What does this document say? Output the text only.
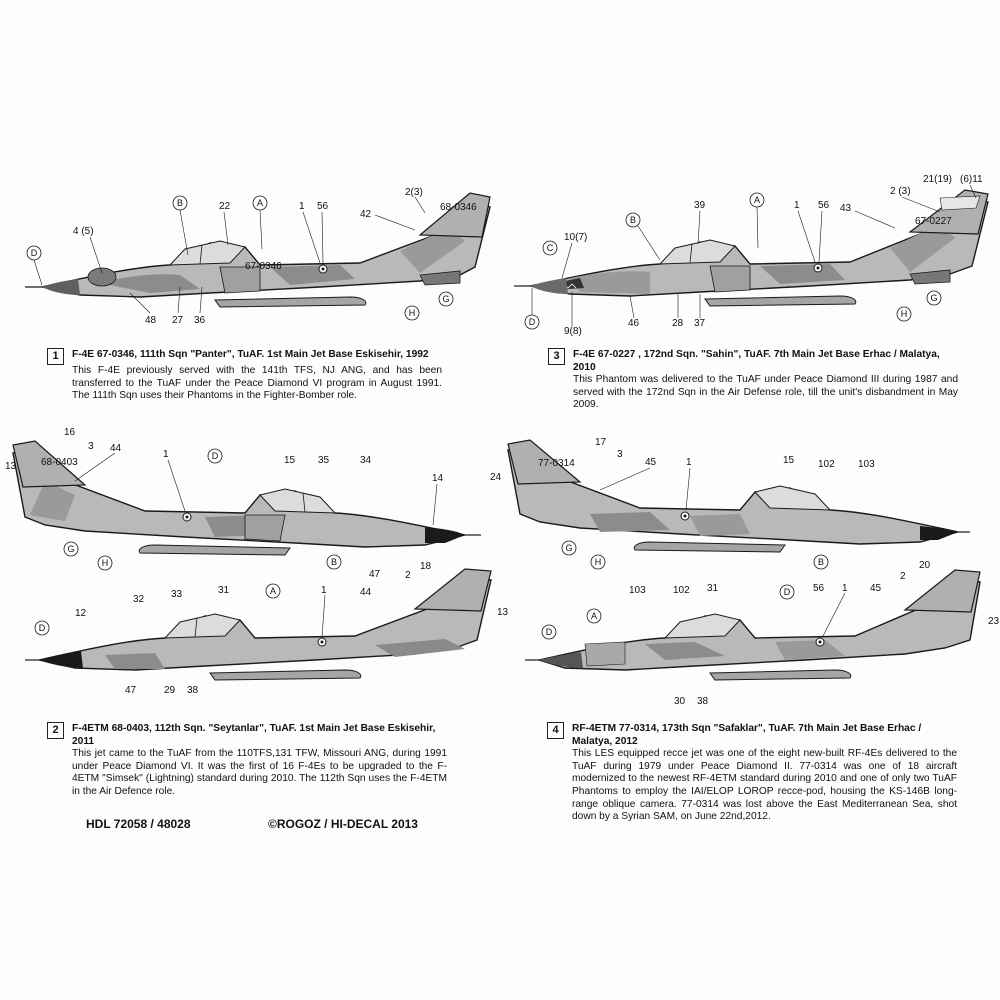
67-0346
68-0346
4 (5)
B	22	A	1 56
42
2(3)
D
48 27 36
G
H
67-0227
21(19) (6)11
2 (3)
43
B
39	A	1 56
10(7)
C
D
9(8)
46	28 37
G
H
1	F-4E 67-0346, 111th Sqn "Panter", TuAF. 1st Main Jet Base Eskisehir, 1992
This F-4E previously served with the 141th TFS, NJ ANG, and has been transferred to the TuAF under the Peace Diamond VI program in August 1991. The 111th Sqn uses their Phantoms in the Fighter-Bomber role.
3	F-4E 67-0227 , 172nd Sqn. "Sahin", TuAF. 7th Main Jet Base Erhac / Malatya, 2010
This Phantom was delivered to the TuAF under Peace Diamond III during 1987 and served with the 172nd Sqn in the Air Defense role, till the unit's disbandment in May 2009.
68-0403
16
3 44
13
1	D	15 35	34
14
G
H	B
47
D
12
32	33	31	A	1	44
2
18
13
47	29 38
77-0314
17
3
45
24
1	15 102 103
G
H	B
A
103	102 31	D 56 1 45
2
20
23
D
30 38
2	F-4ETM 68-0403, 112th Sqn. "Seytanlar", TuAF. 1st Main Jet Base Eskisehir, 2011
This jet came to the TuAF from the 110TFS,131 TFW, Missouri ANG, during 1991 under Peace Diamond VI. It was the first of 16 F-4Es to be upgraded to the F-4ETM "Simsek" (Lightning) standard during 2010. The 112th Sqn uses the F-4ETM in the Air Defence role.
4	RF-4ETM 77-0314, 173th Sqn "Safaklar", TuAF. 7th Main Jet Base Erhac / Malatya, 2012
This LES equipped recce jet was one of the eight new-built RF-4Es delivered to the TuAF during 1979 under Peace Diamond II. 77-0314 was one of 18 aircraft modernized to the newest RF-4ETM standard during 2010 and one of only two TuAF Phantoms to employ the IAI/ELOP LOROP recce-pod, housing the KS-146B long-range oblique camera. 77-0314 was lost above the East Mediterranean Sea, shot down by a Syrian SAM, on June 22nd,2012.
HDL 72058 / 48028	©ROGOZ / HI-DECAL 2013
